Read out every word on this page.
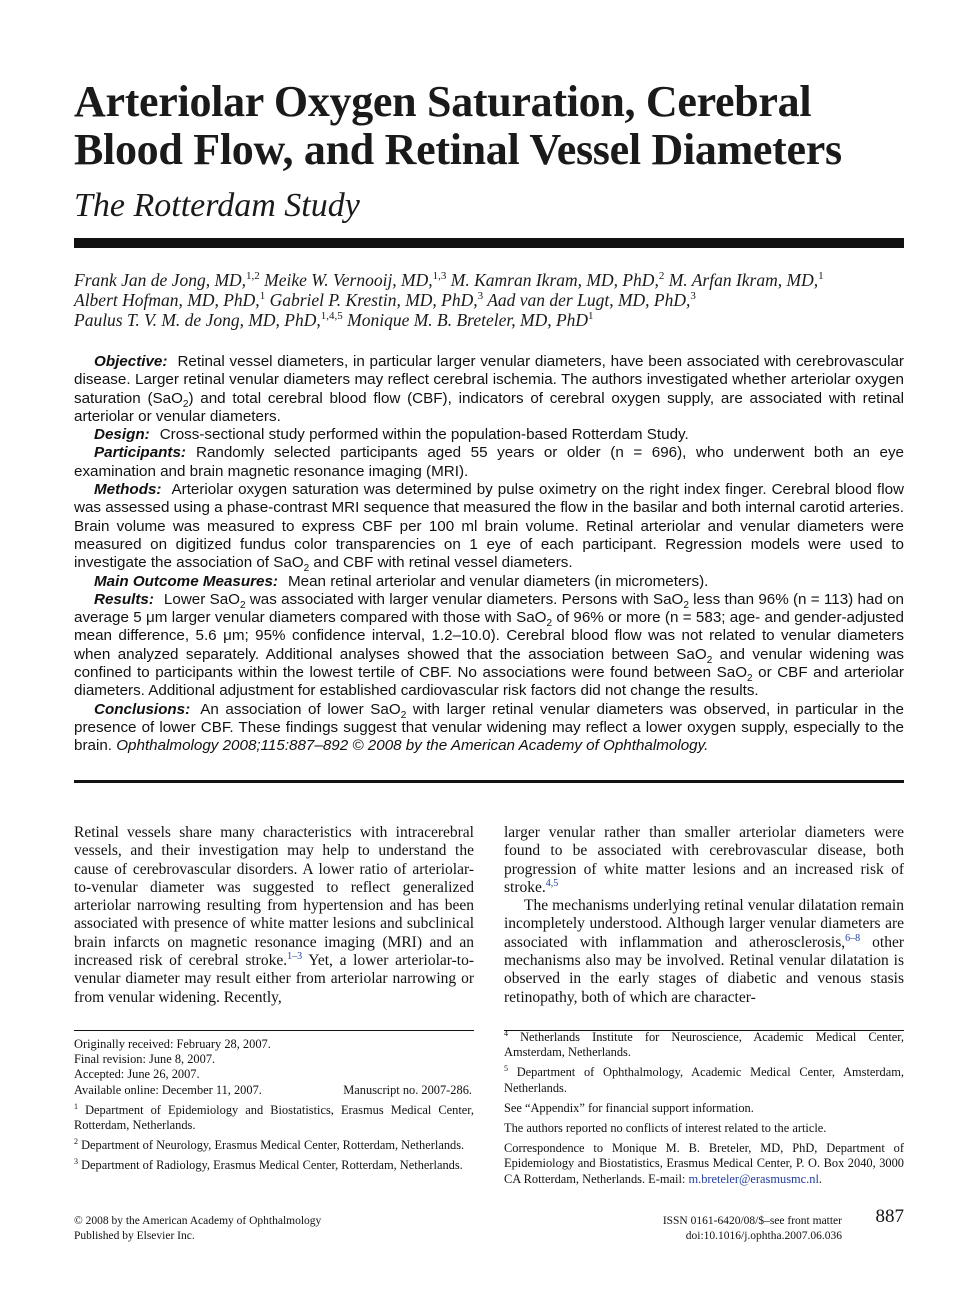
Arteriolar Oxygen Saturation, Cerebral Blood Flow, and Retinal Vessel Diameters
The Rotterdam Study
Frank Jan de Jong, MD,$^{1,2}$ Meike W. Vernooij, MD,$^{1,3}$ M. Kamran Ikram, MD, PhD,$^2$ M. Arfan Ikram, MD,$^1$
Albert Hofman, MD, PhD,$^1$ Gabriel P. Krestin, MD, PhD,$^3$ Aad van der Lugt, MD, PhD,$^3$
Paulus T. V. M. de Jong, MD, PhD,$^{1,4,5}$ Monique M. B. Breteler, MD, PhD$^1$

Objective: Retinal vessel diameters, in particular larger venular diameters, have been associated with cerebrovascular disease. Larger retinal venular diameters may reflect cerebral ischemia. The authors investigated whether arteriolar oxygen saturation (SaO$_2$) and total cerebral blood flow (CBF), indicators of cerebral oxygen supply, are associated with retinal arteriolar or venular diameters.

Design: Cross-sectional study performed within the population-based Rotterdam Study.

Participants: Randomly selected participants aged 55 years or older (n = 696), who underwent both an eye examination and brain magnetic resonance imaging (MRI).

Methods: Arteriolar oxygen saturation was determined by pulse oximetry on the right index finger. Cerebral blood flow was assessed using a phase-contrast MRI sequence that measured the flow in the basilar and both internal carotid arteries. Brain volume was measured to express CBF per 100 ml brain volume. Retinal arteriolar and venular diameters were measured on digitized fundus color transparencies on 1 eye of each participant. Regression models were used to investigate the association of SaO$_2$ and CBF with retinal vessel diameters.

Main Outcome Measures: Mean retinal arteriolar and venular diameters (in micrometers).

Results: Lower SaO$_2$ was associated with larger venular diameters. Persons with SaO$_2$ less than 96% (n = 113) had on average 5 μm larger venular diameters compared with those with SaO$_2$ of 96% or more (n = 583; age- and gender-adjusted mean difference, 5.6 μm; 95% confidence interval, 1.2–10.0). Cerebral blood flow was not related to venular diameters when analyzed separately. Additional analyses showed that the association between SaO$_2$ and venular widening was confined to participants within the lowest tertile of CBF. No associations were found between SaO$_2$ or CBF and arteriolar diameters. Additional adjustment for established cardiovascular risk factors did not change the results.

Conclusions: An association of lower SaO$_2$ with larger retinal venular diameters was observed, in particular in the presence of lower CBF. These findings suggest that venular widening may reflect a lower oxygen supply, especially to the brain. Ophthalmology 2008;115:887–892 © 2008 by the American Academy of Ophthalmology.

Retinal vessels share many characteristics with intracerebral vessels, and their investigation may help to understand the cause of cerebrovascular disorders. A lower ratio of arteriolar-to-venular diameter was suggested to reflect generalized arteriolar narrowing resulting from hypertension and has been associated with presence of white matter lesions and subclinical brain infarcts on magnetic resonance imaging (MRI) and an increased risk of cerebral stroke.$^{1-3}$ Yet, a lower arteriolar-to-venular diameter may result either from arteriolar narrowing or from venular widening. Recently,

larger venular rather than smaller arteriolar diameters were found to be associated with cerebrovascular disease, both progression of white matter lesions and an increased risk of stroke.$^{4,5}$

The mechanisms underlying retinal venular dilatation remain incompletely understood. Although larger venular diameters are associated with inflammation and atherosclerosis,$^{6-8}$ other mechanisms also may be involved. Retinal venular dilatation is observed in the early stages of diabetic and venous stasis retinopathy, both of which are character-

Originally received: February 28, 2007.

Final revision: June 8, 2007.

Accepted: June 26, 2007.

Available online: December 11, 2007.	Manuscript no. 2007-286.

$^1$ Department of Epidemiology and Biostatistics, Erasmus Medical Center, Rotterdam, Netherlands.

$^2$ Department of Neurology, Erasmus Medical Center, Rotterdam, Netherlands.

$^3$ Department of Radiology, Erasmus Medical Center, Rotterdam, Netherlands.

$^4$ Netherlands Institute for Neuroscience, Academic Medical Center, Amsterdam, Netherlands.

$^5$ Department of Ophthalmology, Academic Medical Center, Amsterdam, Netherlands.

See “Appendix” for financial support information.

The authors reported no conflicts of interest related to the article.

Correspondence to Monique M. B. Breteler, MD, PhD, Department of Epidemiology and Biostatistics, Erasmus Medical Center, P. O. Box 2040, 3000 CA Rotterdam, Netherlands. E-mail: m.breteler@erasmusmc.nl.

© 2008 by the American Academy of Ophthalmology
Published by Elsevier Inc.
ISSN 0161-6420/08/$–see front matter
doi:10.1016/j.ophtha.2007.06.036
887
